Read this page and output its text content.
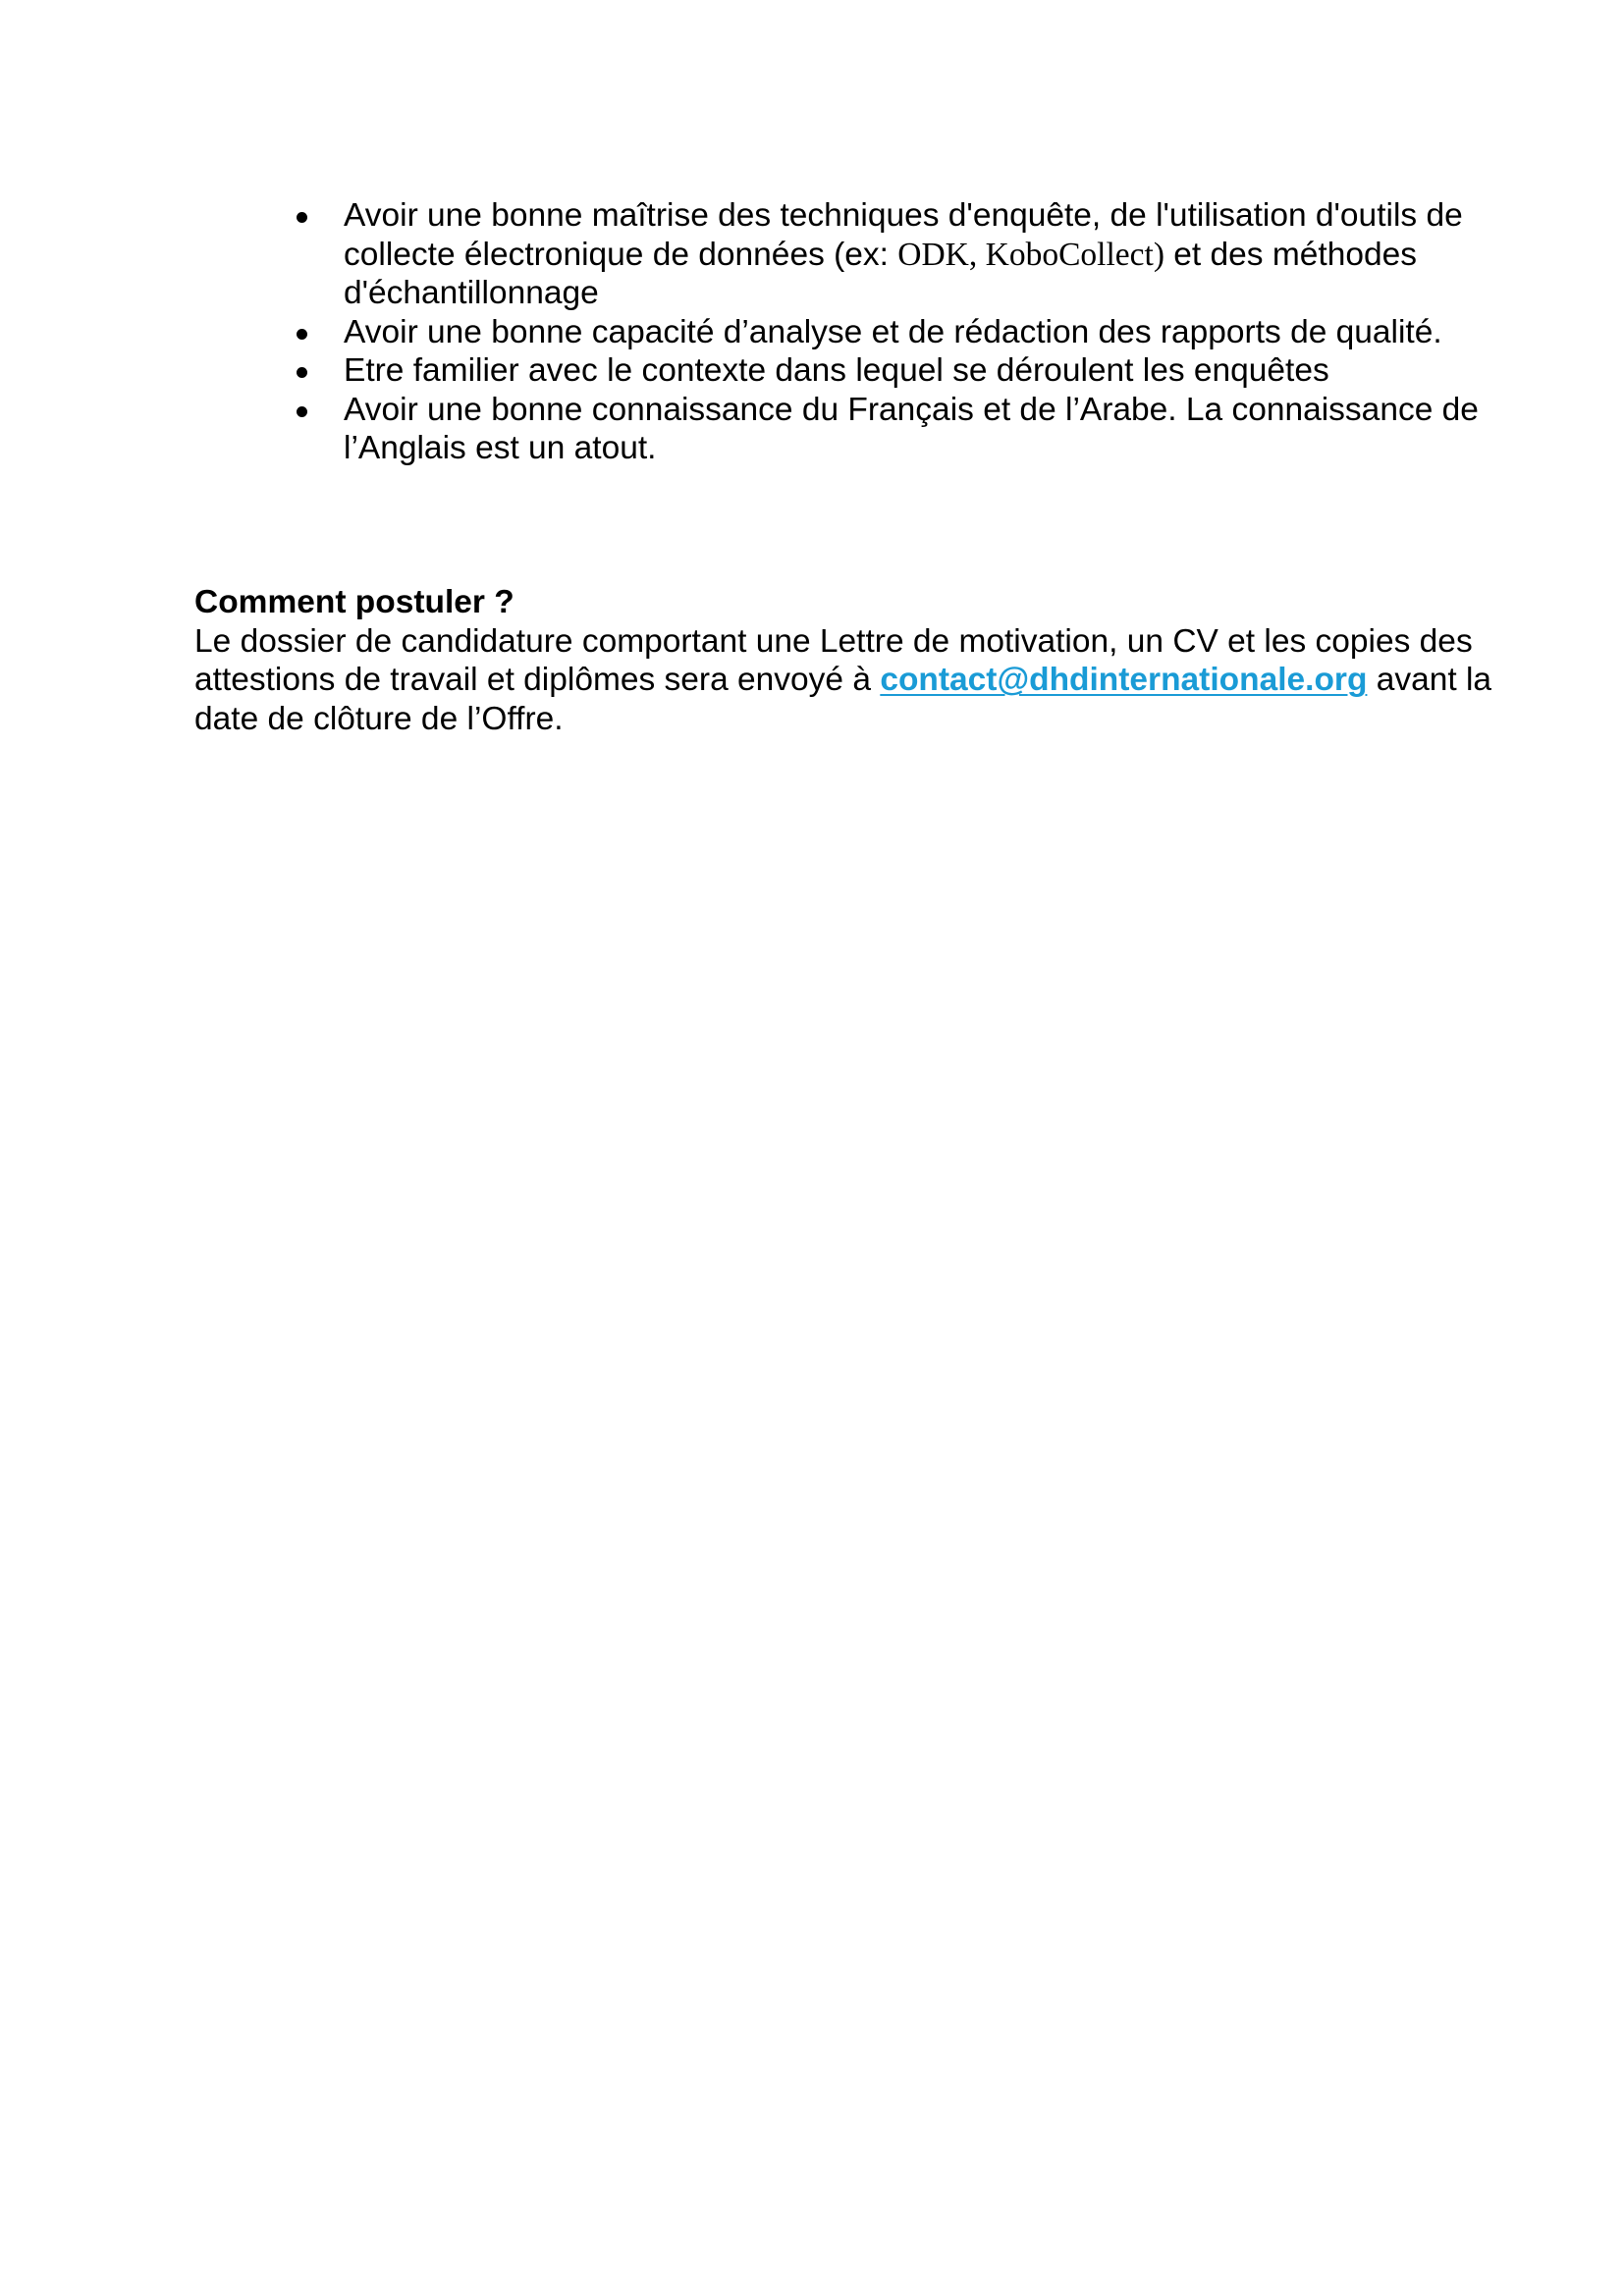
Avoir une bonne maîtrise des techniques d'enquête, de l'utilisation d'outils de collecte électronique de données (ex: ODK, KoboCollect) et des méthodes d'échantillonnage
Avoir une bonne capacité d’analyse et de rédaction des rapports de qualité.
Etre familier avec le contexte dans lequel se déroulent les enquêtes
Avoir une bonne connaissance du Français et de l’Arabe. La connaissance de l’Anglais est un atout.
Comment postuler ?
Le dossier de candidature comportant une Lettre de motivation, un CV et les copies des attestions de travail et diplômes sera envoyé à contact@dhdinternationale.org avant la date de clôture de l’Offre.
